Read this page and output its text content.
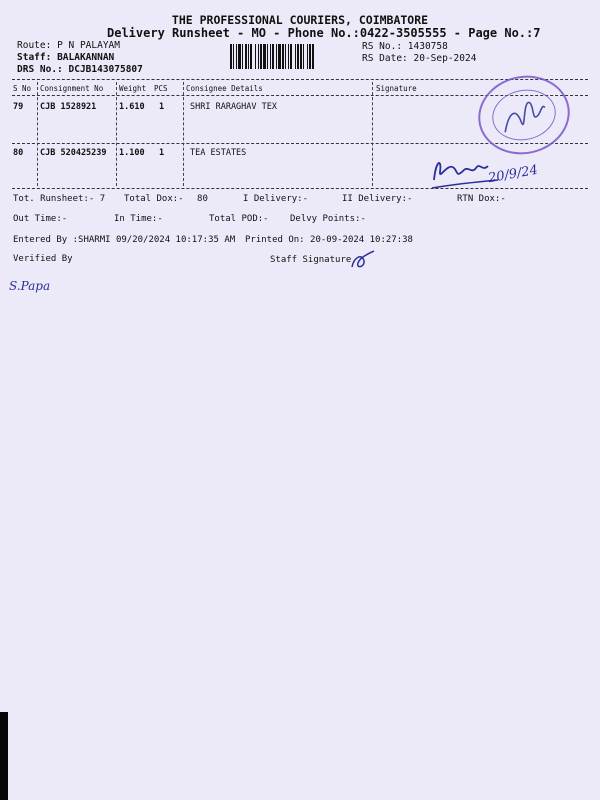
THE PROFESSIONAL COURIERS, COIMBATORE
Delivery Runsheet - MO - Phone No.:0422-3505555 - Page No.:7
Route: P N PALAYAM
Staff: BALAKANNAN
DRS No.: DCJB143075807
RS No.: 1430758
RS Date: 20-Sep-2024
S No Consignment No Weight PCS Consignee Details	Signature
79 CJB 1528921	1.610 1	SHRI RARAGHAV TEX
80 CJB 520425239 1.100 1	TEA ESTATES
20/9/24
Tot. Runsheet:- 7 Total Dox:- 80	I Delivery:-	II Delivery:-	RTN Dox:-
Out Time:-	In Time:-	Total POD:- Delvy Points:-
Entered By :SHARMI 09/20/2024 10:17:35 AM Printed On: 20-09-2024 10:27:38
Verified By	Staff Signature
S.Papa
